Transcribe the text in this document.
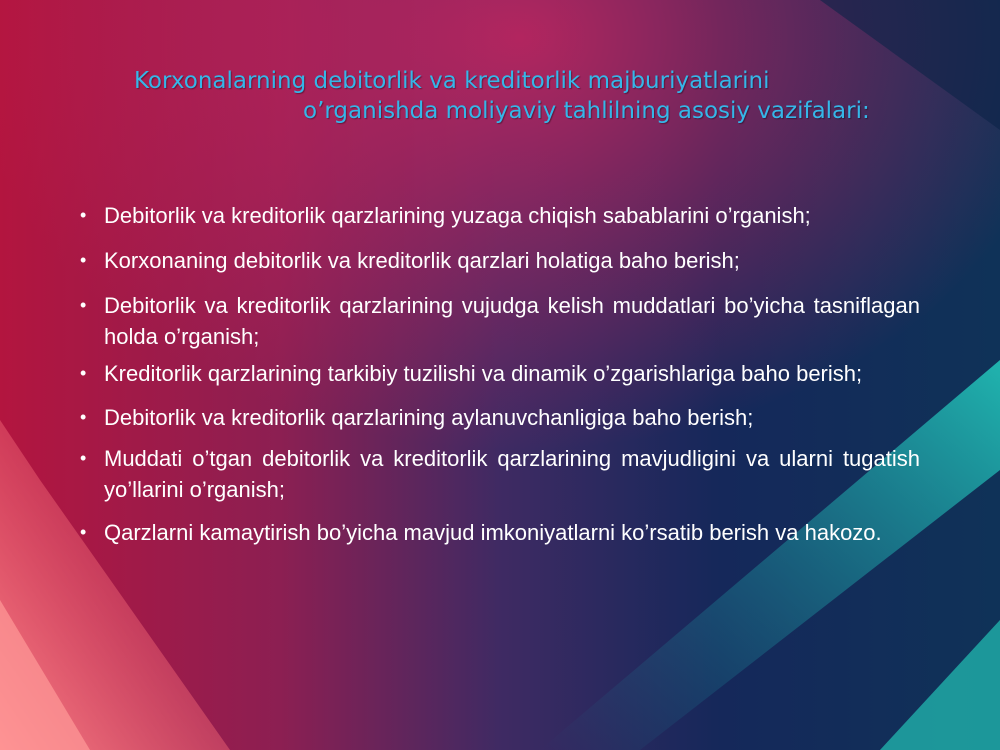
Korxonalarning debitorlik va kreditorlik majburiyatlarini
o’rganishda moliyaviy tahlilning asosiy vazifalari:
• Debitorlik va kreditorlik qarzlarining yuzaga chiqish sabablarini o’rganish;
• Korxonaning debitorlik va kreditorlik qarzlari holatiga baho berish;
• Debitorlik va kreditorlik qarzlarining vujudga kelish muddatlari bo’yicha tasniflagan holda o’rganish;
• Kreditorlik qarzlarining tarkibiy tuzilishi va dinamik o’zgarishlariga baho berish;
• Debitorlik va kreditorlik qarzlarining aylanuvchanligiga baho berish;
• Muddati o’tgan debitorlik va kreditorlik qarzlarining mavjudligini va ularni tugatish yo’llarini o’rganish;
• Qarzlarni kamaytirish bo’yicha mavjud imkoniyatlarni ko’rsatib berish va hakozo.
